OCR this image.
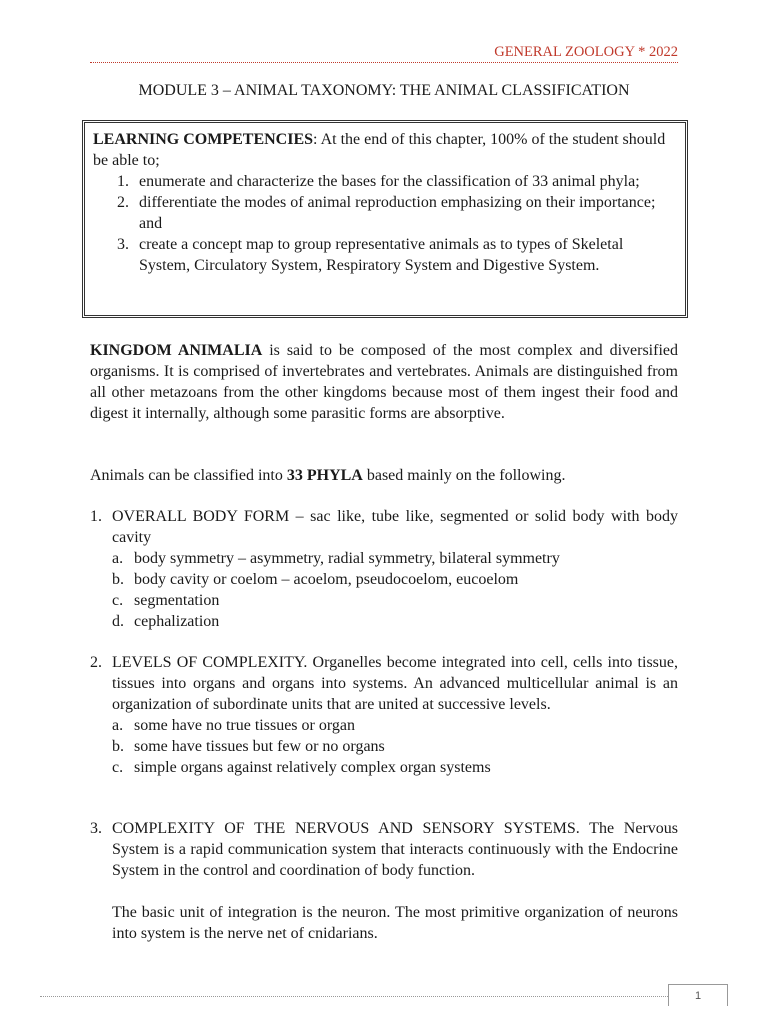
GENERAL ZOOLOGY * 2022
MODULE 3 – ANIMAL TAXONOMY: THE ANIMAL CLASSIFICATION
LEARNING COMPETENCIES: At the end of this chapter, 100% of the student should be able to;
1. enumerate and characterize the bases for the classification of 33 animal phyla;
2. differentiate the modes of animal reproduction emphasizing on their importance; and
3. create a concept map to group representative animals as to types of Skeletal System, Circulatory System, Respiratory System and Digestive System.

KINGDOM ANIMALIA is said to be composed of the most complex and diversified organisms. It is comprised of invertebrates and vertebrates. Animals are distinguished from all other metazoans from the other kingdoms because most of them ingest their food and digest it internally, although some parasitic forms are absorptive.

Animals can be classified into 33 PHYLA based mainly on the following.

1. OVERALL BODY FORM – sac like, tube like, segmented or solid body with body cavity
a. body symmetry – asymmetry, radial symmetry, bilateral symmetry
b. body cavity or coelom – acoelom, pseudocoelom, eucoelom
c. segmentation
d. cephalization
2. LEVELS OF COMPLEXITY. Organelles become integrated into cell, cells into tissue, tissues into organs and organs into systems. An advanced multicellular animal is an organization of subordinate units that are united at successive levels.
a. some have no true tissues or organ
b. some have tissues but few or no organs
c. simple organs against relatively complex organ systems
3. COMPLEXITY OF THE NERVOUS AND SENSORY SYSTEMS. The Nervous System is a rapid communication system that interacts continuously with the Endocrine System in the control and coordination of body function.

The basic unit of integration is the neuron. The most primitive organization of neurons into system is the nerve net of cnidarians.

1
